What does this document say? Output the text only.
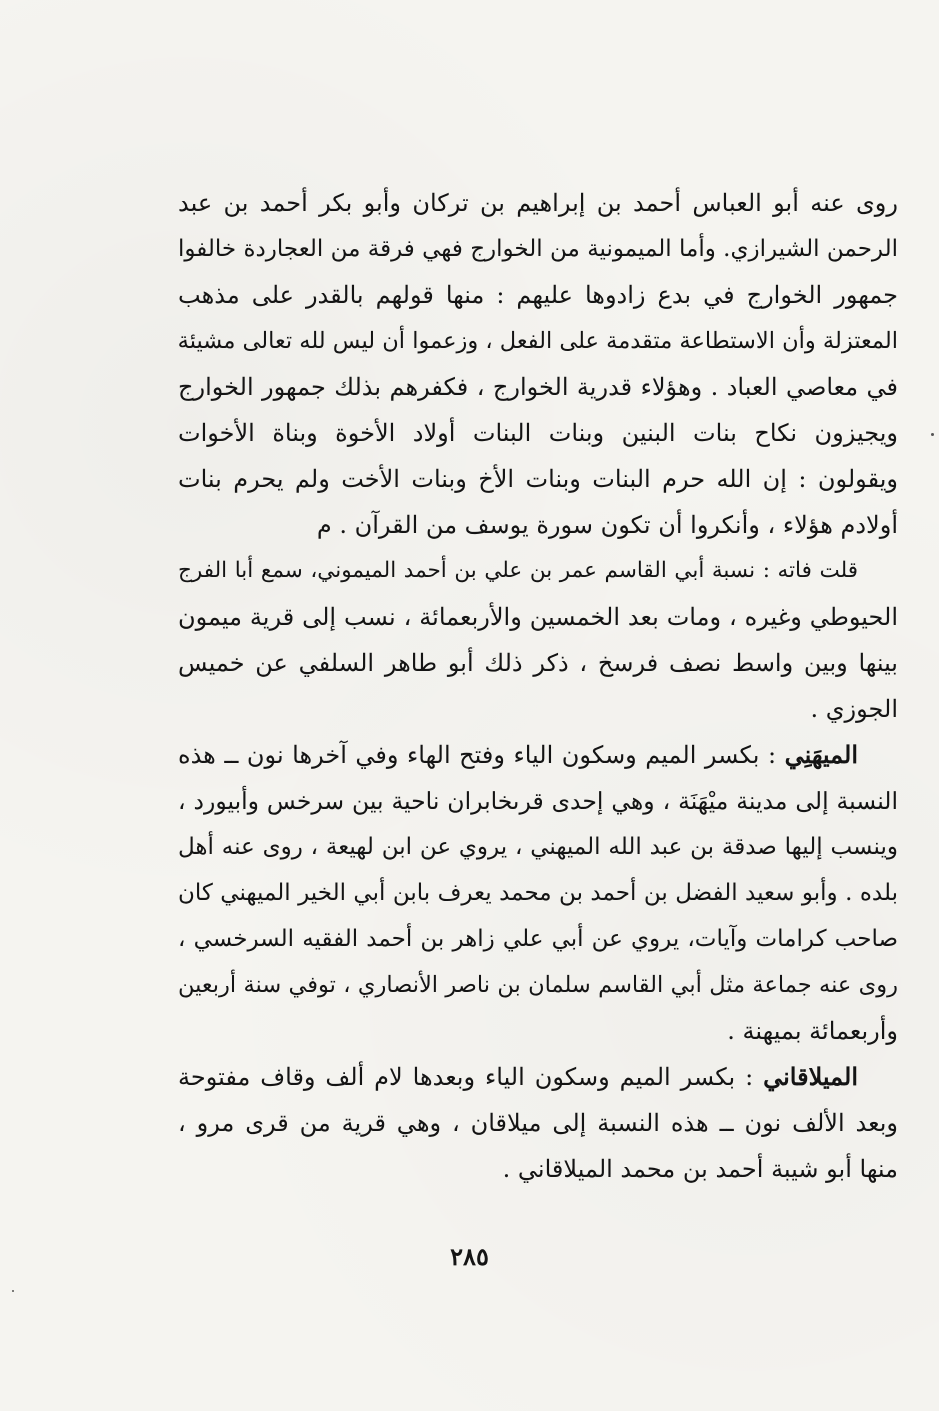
روى عنه أبو العباس أحمد بن إبراهيم بن تركان وأبو بكر أحمد بن عبد
الرحمن الشيرازي. وأما الميمونية من الخوارج فهي فرقة من العجاردة خالفوا
جمهور الخوارج في بدع زادوها عليهم : منها قولهم بالقدر على مذهب
المعتزلة وأن الاستطاعة متقدمة على الفعل ، وزعموا أن ليس لله تعالى مشيئة
في معاصي العباد . وهؤلاء قدرية الخوارج ، فكفرهم بذلك جمهور الخوارج
ويجيزون نكاح بنات البنين وبنات البنات أولاد الأخوة وبناة الأخوات
ويقولون : إن الله حرم البنات وبنات الأخ وبنات الأخت ولم يحرم بنات
أولادم هؤلاء ، وأنكروا أن تكون سورة يوسف من القرآن . م
قلت فاته : نسبة أبي القاسم عمر بن علي بن أحمد الميموني، سمع أبا الفرج
الحيوطي وغيره ، ومات بعد الخمسين والأربعمائة ، نسب إلى قرية ميمون
بينها وبين واسط نصف فرسخ ، ذكر ذلك أبو طاهر السلفي عن خميس
الجوزي .
الميهَنِي : بكسر الميم وسكون الياء وفتح الهاء وفي آخرها نون ــ هذه
النسبة إلى مدينة ميْهَنَة ، وهي إحدى قرىخابران ناحية بين سرخس وأبيورد ،
وينسب إليها صدقة بن عبد الله الميهني ، يروي عن ابن لهيعة ، روى عنه أهل
بلده . وأبو سعيد الفضل بن أحمد بن محمد يعرف بابن أبي الخير الميهني كان
صاحب كرامات وآيات، يروي عن أبي علي زاهر بن أحمد الفقيه السرخسي ،
روى عنه جماعة مثل أبي القاسم سلمان بن ناصر الأنصاري ، توفي سنة أربعين
وأربعمائة بميهنة .
الميلاقاني : بكسر الميم وسكون الياء وبعدها لام ألف وقاف مفتوحة
وبعد الألف نون ــ هذه النسبة إلى ميلاقان ، وهي قرية من قرى مرو ،
منها أبو شيبة أحمد بن محمد الميلاقاني .
٢٨٥
